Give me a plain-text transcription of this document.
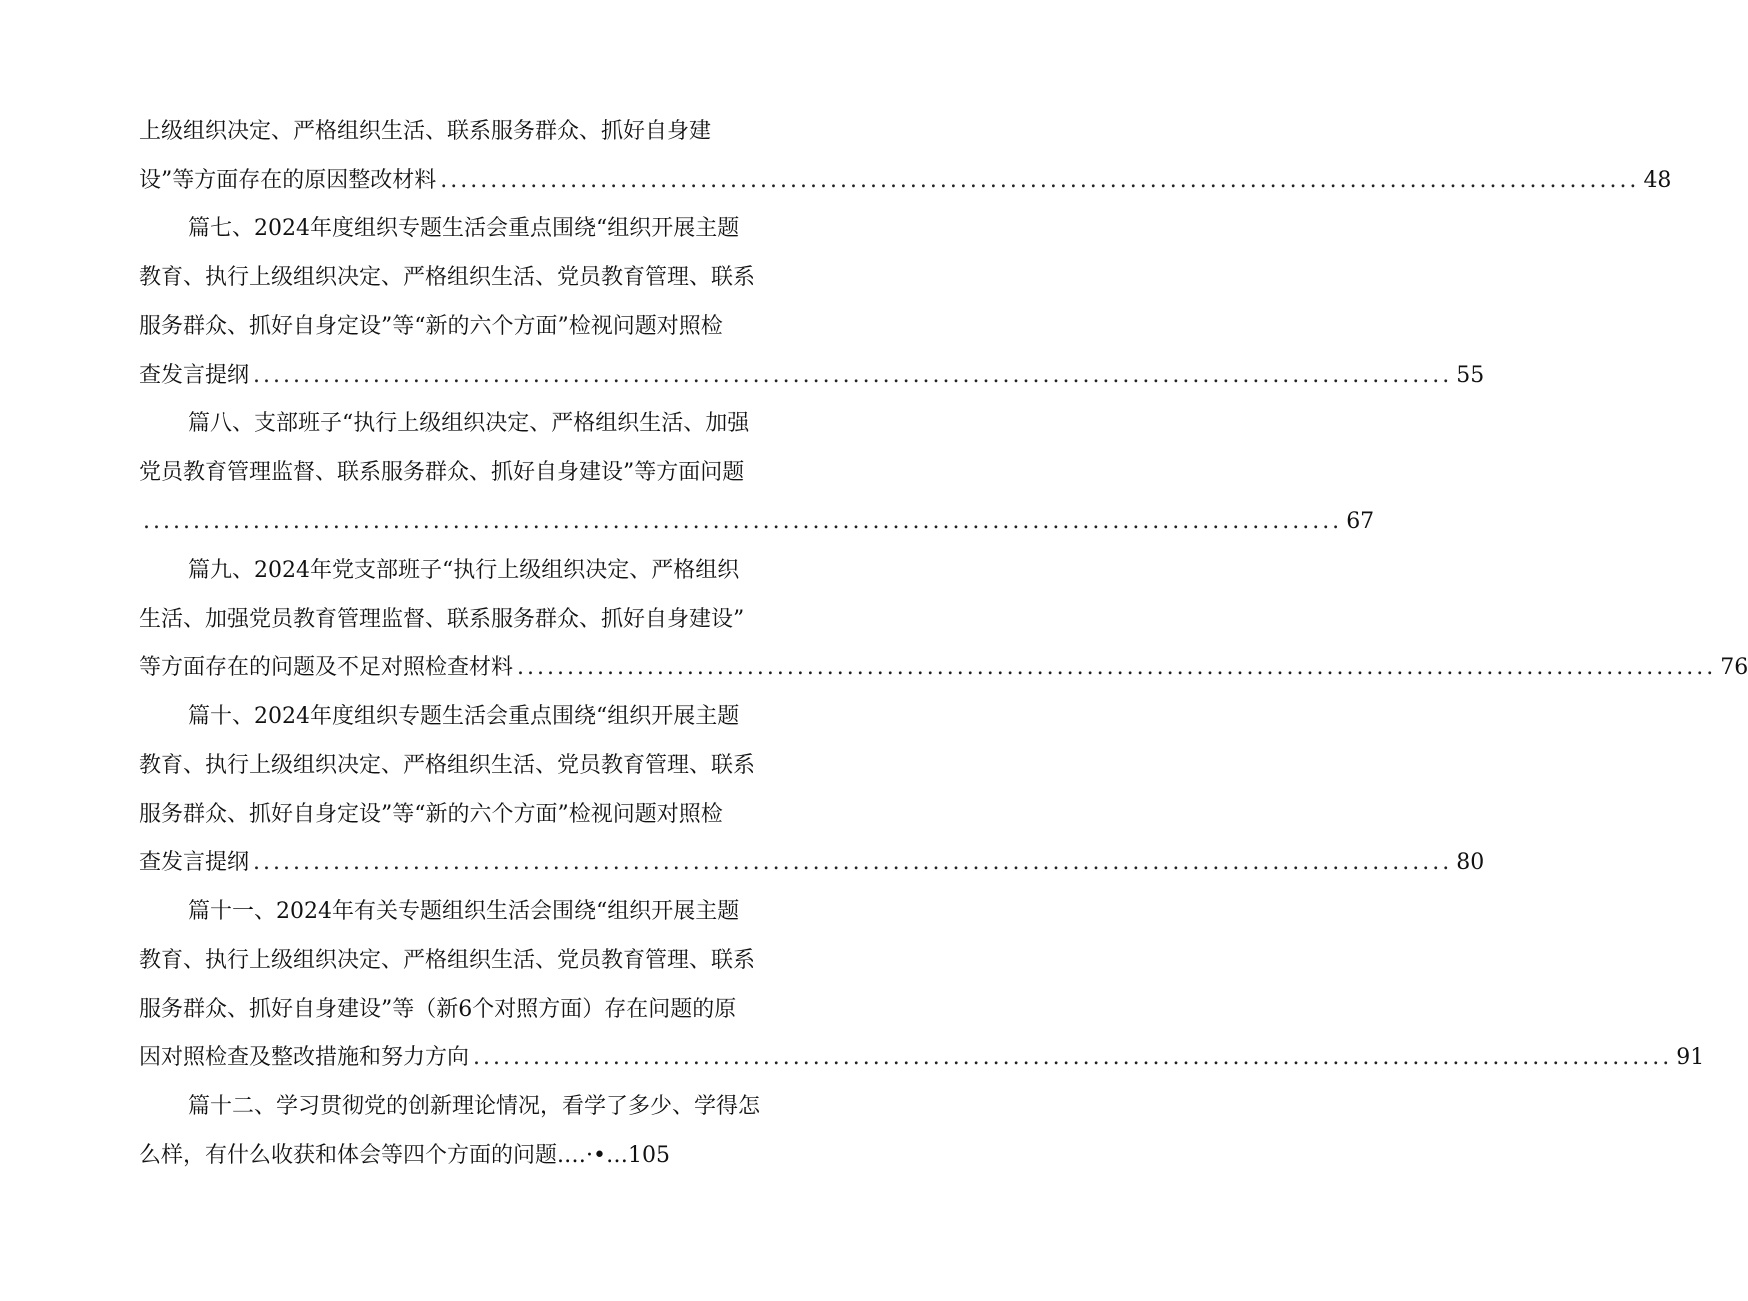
上级组织决定、严格组织生活、联系服务群众、抓好自身建
设”等方面存在的原因整改材料 ........................................................................................................................ 48
篇七、2024年度组织专题生活会重点围绕“组织开展主题
教育、执行上级组织决定、严格组织生活、党员教育管理、联系
服务群众、抓好自身定设”等“新的六个方面”检视问题对照检
查发言提纲 ........................................................................................................................ 55
篇八、支部班子“执行上级组织决定、严格组织生活、加强
党员教育管理监督、联系服务群众、抓好自身建设”等方面问题
........................................................................................................................ 67
篇九、2024年党支部班子“执行上级组织决定、严格组织
生活、加强党员教育管理监督、联系服务群众、抓好自身建设”
等方面存在的问题及不足对照检查材料 ........................................................................................................................ 76
篇十、2024年度组织专题生活会重点围绕“组织开展主题
教育、执行上级组织决定、严格组织生活、党员教育管理、联系
服务群众、抓好自身定设”等“新的六个方面”检视问题对照检
查发言提纲 ........................................................................................................................ 80
篇十一、2024年有关专题组织生活会围绕“组织开展主题
教育、执行上级组织决定、严格组织生活、党员教育管理、联系
服务群众、抓好自身建设”等（新6个对照方面）存在问题的原
因对照检查及整改措施和努力方向 ........................................................................................................................ 91
篇十二、学习贯彻党的创新理论情况，看学了多少、学得怎
么样，有什么收获和体会等四个方面的问题. …·•…105
